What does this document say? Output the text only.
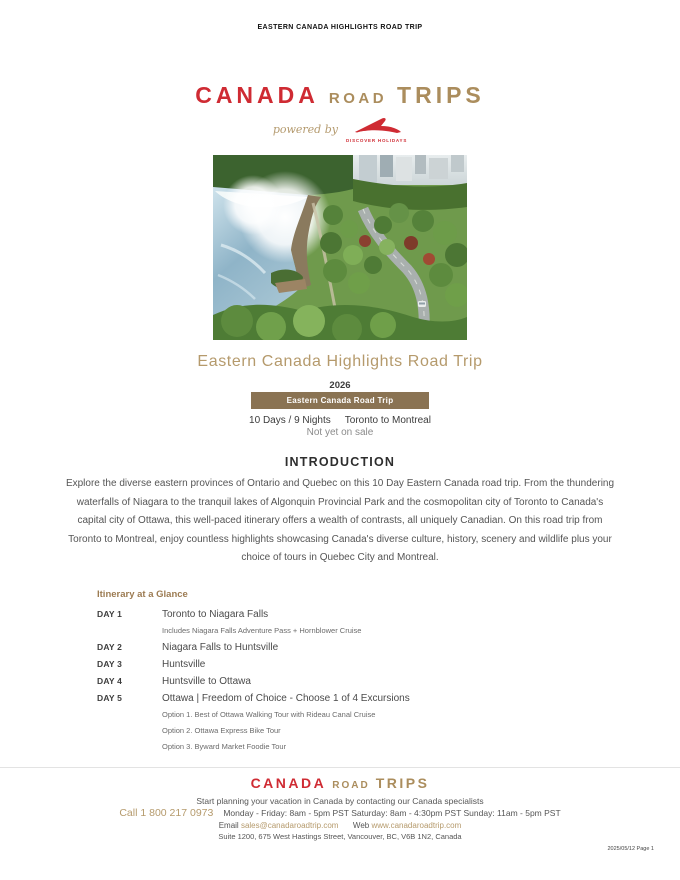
EASTERN CANADA HIGHLIGHTS ROAD TRIP
CANADA ROAD TRIPS
powered by
DISCOVER HOLIDAYS
Eastern Canada Highlights Road Trip
2026
Eastern Canada Road Trip
10 Days / 9 Nights Toronto to Montreal
Not yet on sale
INTRODUCTION
Explore the diverse eastern provinces of Ontario and Quebec on this 10 Day Eastern Canada road trip. From the thundering waterfalls of Niagara to the tranquil lakes of Algonquin Provincial Park and the cosmopolitan city of Toronto to Canada's capital city of Ottawa, this well-paced itinerary offers a wealth of contrasts, all uniquely Canadian. On this road trip from Toronto to Montreal, enjoy countless highlights showcasing Canada's diverse culture, history, scenery and wildlife plus your choice of tours in Quebec City and Montreal.
Itinerary at a Glance
DAY 1	Toronto to Niagara Falls
Includes Niagara Falls Adventure Pass + Hornblower Cruise
DAY 2	Niagara Falls to Huntsville
DAY 3	Huntsville
DAY 4	Huntsville to Ottawa
DAY 5	Ottawa | Freedom of Choice - Choose 1 of 4 Excursions
Option 1. Best of Ottawa Walking Tour with Rideau Canal Cruise
Option 2. Ottawa Express Bike Tour
Option 3. Byward Market Foodie Tour
CANADA ROAD TRIPS
Start planning your vacation in Canada by contacting our Canada specialists
Call 1 800 217 0973 Monday - Friday: 8am - 5pm PST Saturday: 8am - 4:30pm PST Sunday: 11am - 5pm PST
Email sales@canadaroadtrip.com Web www.canadaroadtrip.com
Suite 1200, 675 West Hastings Street, Vancouver, BC, V6B 1N2, Canada
2025/05/12 Page 1
